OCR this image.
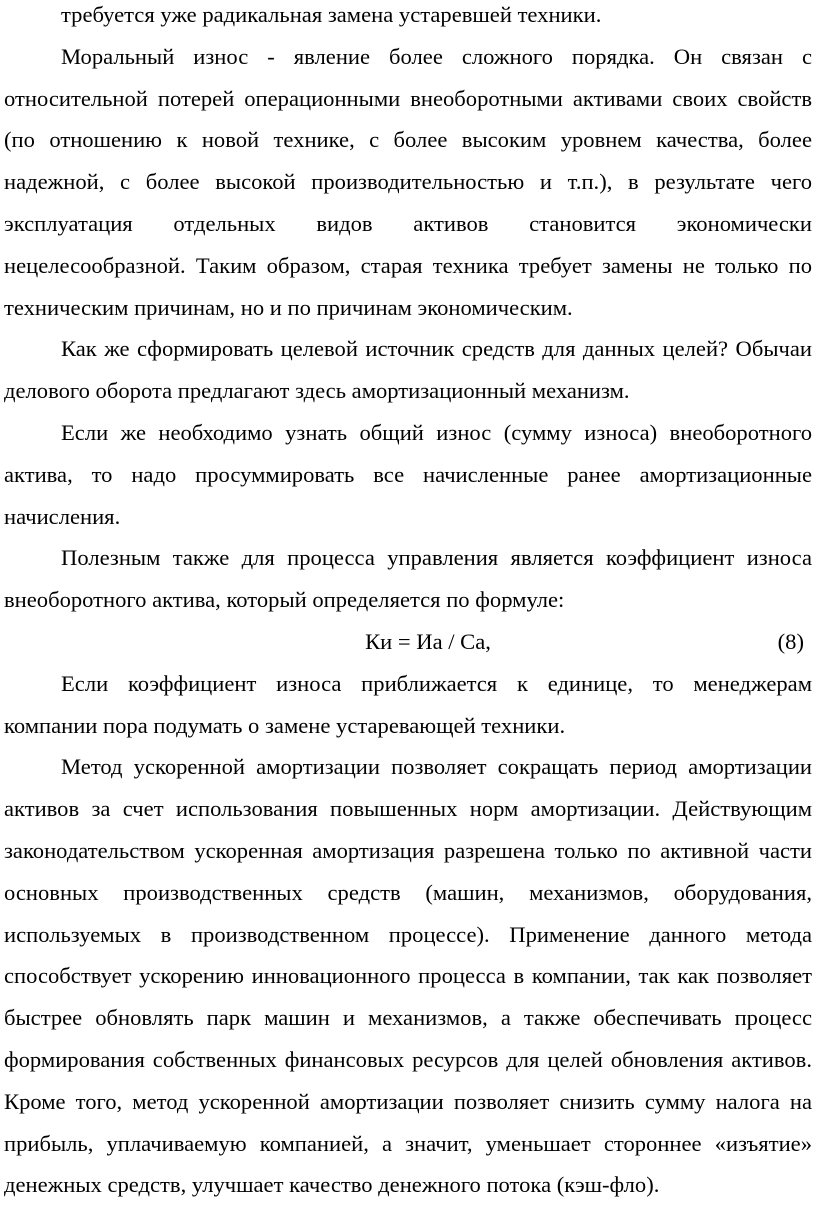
требуется уже радикальная замена устаревшей техники.

Моральный износ - явление более сложного порядка. Он связан с относительной потерей операционными внеоборотными активами своих свойств (по отношению к новой технике, с более высоким уровнем качества, более надежной, с более высокой производительностью и т.п.), в результате чего эксплуатация отдельных видов активов становится экономически нецелесообразной. Таким образом, старая техника требует замены не только по техническим причинам, но и по причинам экономическим.

Как же сформировать целевой источник средств для данных целей? Обычаи делового оборота предлагают здесь амортизационный механизм.

Если же необходимо узнать общий износ (сумму износа) внеоборотного актива, то надо просуммировать все начисленные ранее амортизационные начисления.

Полезным также для процесса управления является коэффициент износа внеоборотного актива, который определяется по формуле:

Ки = Иа / Са,	(8)

Если коэффициент износа приближается к единице, то менеджерам компании пора подумать о замене устаревающей техники.

Метод ускоренной амортизации позволяет сокращать период амортизации активов за счет использования повышенных норм амортизации. Действующим законодательством ускоренная амортизация разрешена только по активной части основных производственных средств (машин, механизмов, оборудования, используемых в производственном процессе). Применение данного метода способствует ускорению инновационного процесса в компании, так как позволяет быстрее обновлять парк машин и механизмов, а также обеспечивать процесс формирования собственных финансовых ресурсов для целей обновления активов. Кроме того, метод ускоренной амортизации позволяет снизить сумму налога на прибыль, уплачиваемую компанией, а значит, уменьшает стороннее «изъятие» денежных средств, улучшает качество денежного потока (кэш-фло).
